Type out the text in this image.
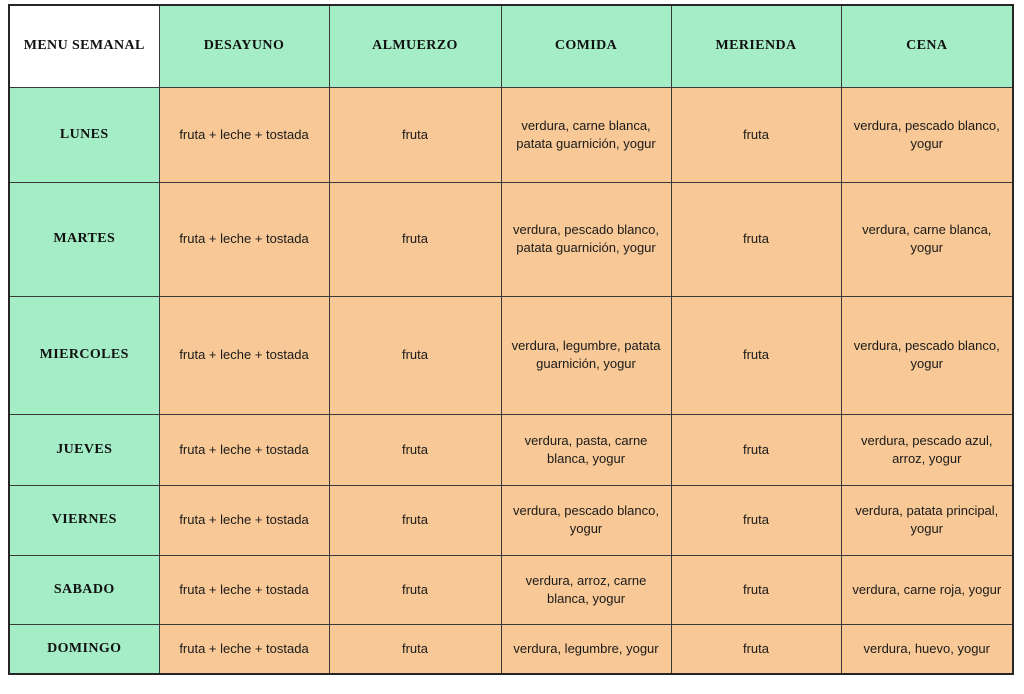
MENU SEMANAL	DESAYUNO	ALMUERZO	COMIDA	MERIENDA	CENA
LUNES	fruta + leche + tostada	fruta	verdura, carne blanca, patata guarnición, yogur	fruta	verdura, pescado blanco, yogur
MARTES	fruta + leche + tostada	fruta	verdura, pescado blanco, patata guarnición, yogur	fruta	verdura, carne blanca, yogur
MIERCOLES	fruta + leche + tostada	fruta	verdura, legumbre, patata guarnición, yogur	fruta	verdura, pescado blanco, yogur
JUEVES	fruta + leche + tostada	fruta	verdura, pasta, carne blanca, yogur	fruta	verdura, pescado azul, arroz, yogur
VIERNES	fruta + leche + tostada	fruta	verdura, pescado blanco, yogur	fruta	verdura, patata principal, yogur
SABADO	fruta + leche + tostada	fruta	verdura, arroz, carne blanca, yogur	fruta	verdura, carne roja, yogur
DOMINGO	fruta + leche + tostada	fruta	verdura, legumbre, yogur	fruta	verdura, huevo, yogur
